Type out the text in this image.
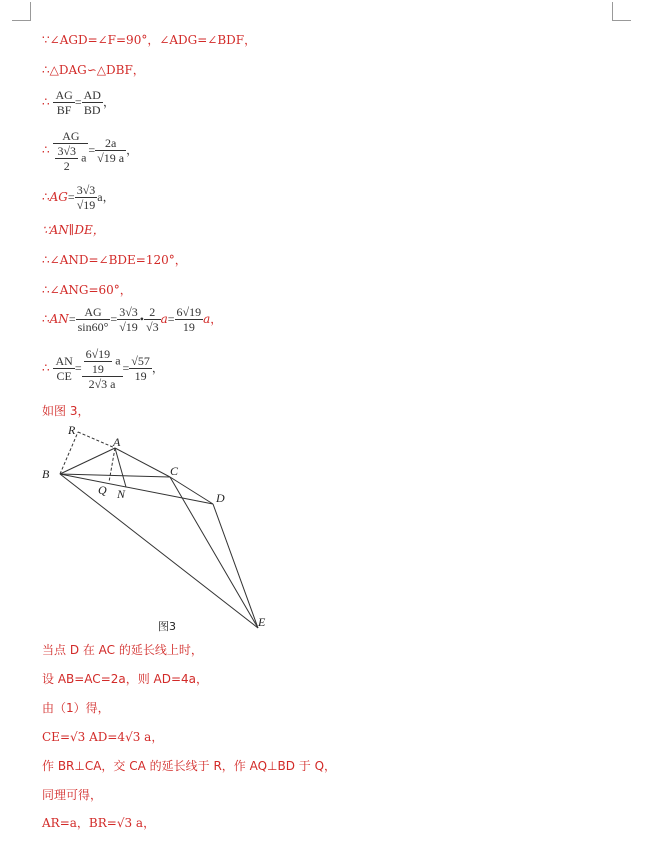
∵∠AGD=∠F=90°，∠ADG=∠BDF，
∴△DAG∽△DBF，
∴ $\frac{AG}{BF} = \frac{AD}{BD}$ ，
∴ $\frac{AG}{\frac{3√3}{2} a} = \frac{2a}{√19 a}$ ，
∴AG= $\frac{3√3}{√19}$ a，
∵AN∥DE，
∴∠AND=∠BDE=120°，
∴∠ANG=60°，
∴AN= $\frac{AG}{\sin 60^\circ} = \frac{3√3}{√19}$ • $\frac{2}{√3} a= \frac{6√19}{19}$ a，
∴ $\frac{AN}{CE} = \frac{\frac{6√19}{19} a}{2√3 a} = \frac{√57}{19}$ ，
如图 3，
R
A
B
Q N
C
D
E
图3
当点 D 在 AC 的延长线上时，
设 AB=AC=2a，则 AD=4a，
由（1）得，
CE=√3 AD=4√3 a，
作 BR⊥CA，交 CA 的延长线于 R，作 AQ⊥BD 于 Q，
同理可得，
AR=a，BR=√3 a，
